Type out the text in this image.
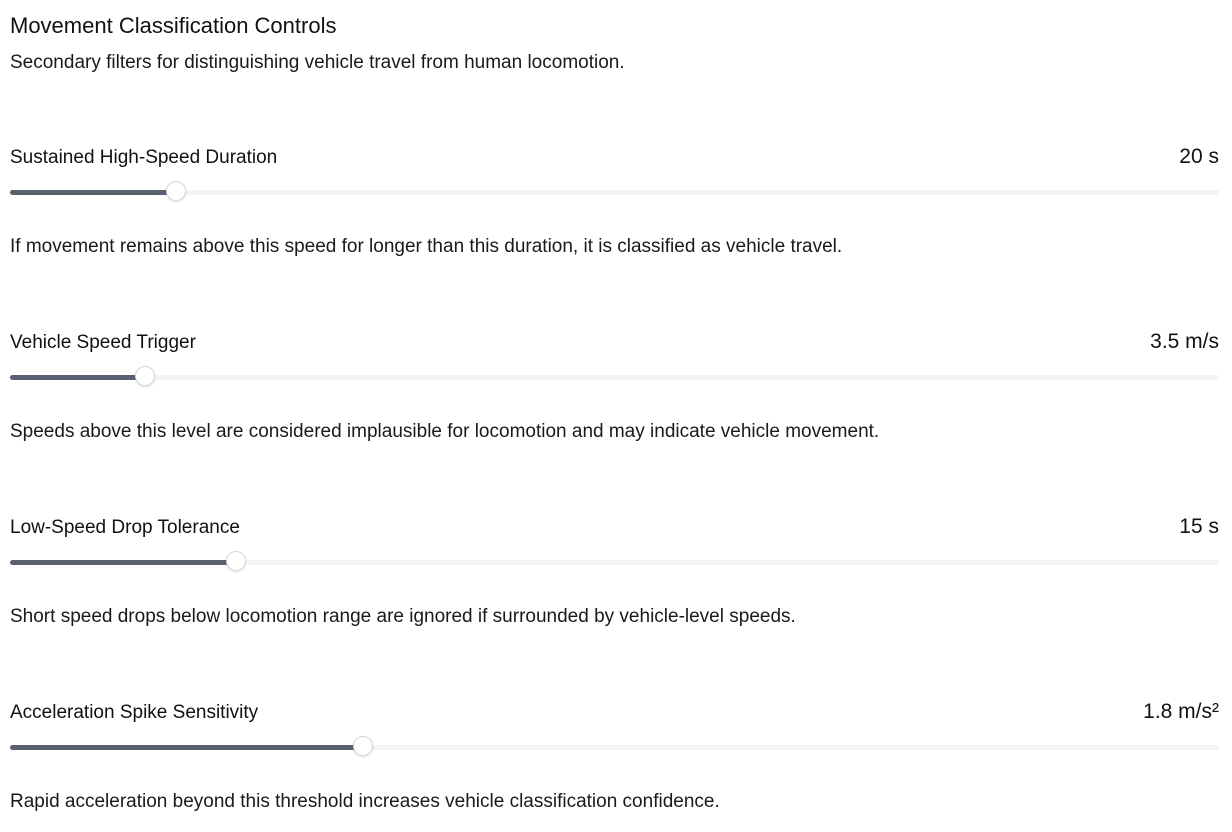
Movement Classification Controls
Secondary filters for distinguishing vehicle travel from human locomotion.
Sustained High-Speed Duration	20 s
If movement remains above this speed for longer than this duration, it is classified as vehicle travel.
Vehicle Speed Trigger	3.5 m/s
Speeds above this level are considered implausible for locomotion and may indicate vehicle movement.
Low-Speed Drop Tolerance	15 s
Short speed drops below locomotion range are ignored if surrounded by vehicle-level speeds.
Acceleration Spike Sensitivity	1.8 m/s²
Rapid acceleration beyond this threshold increases vehicle classification confidence.
